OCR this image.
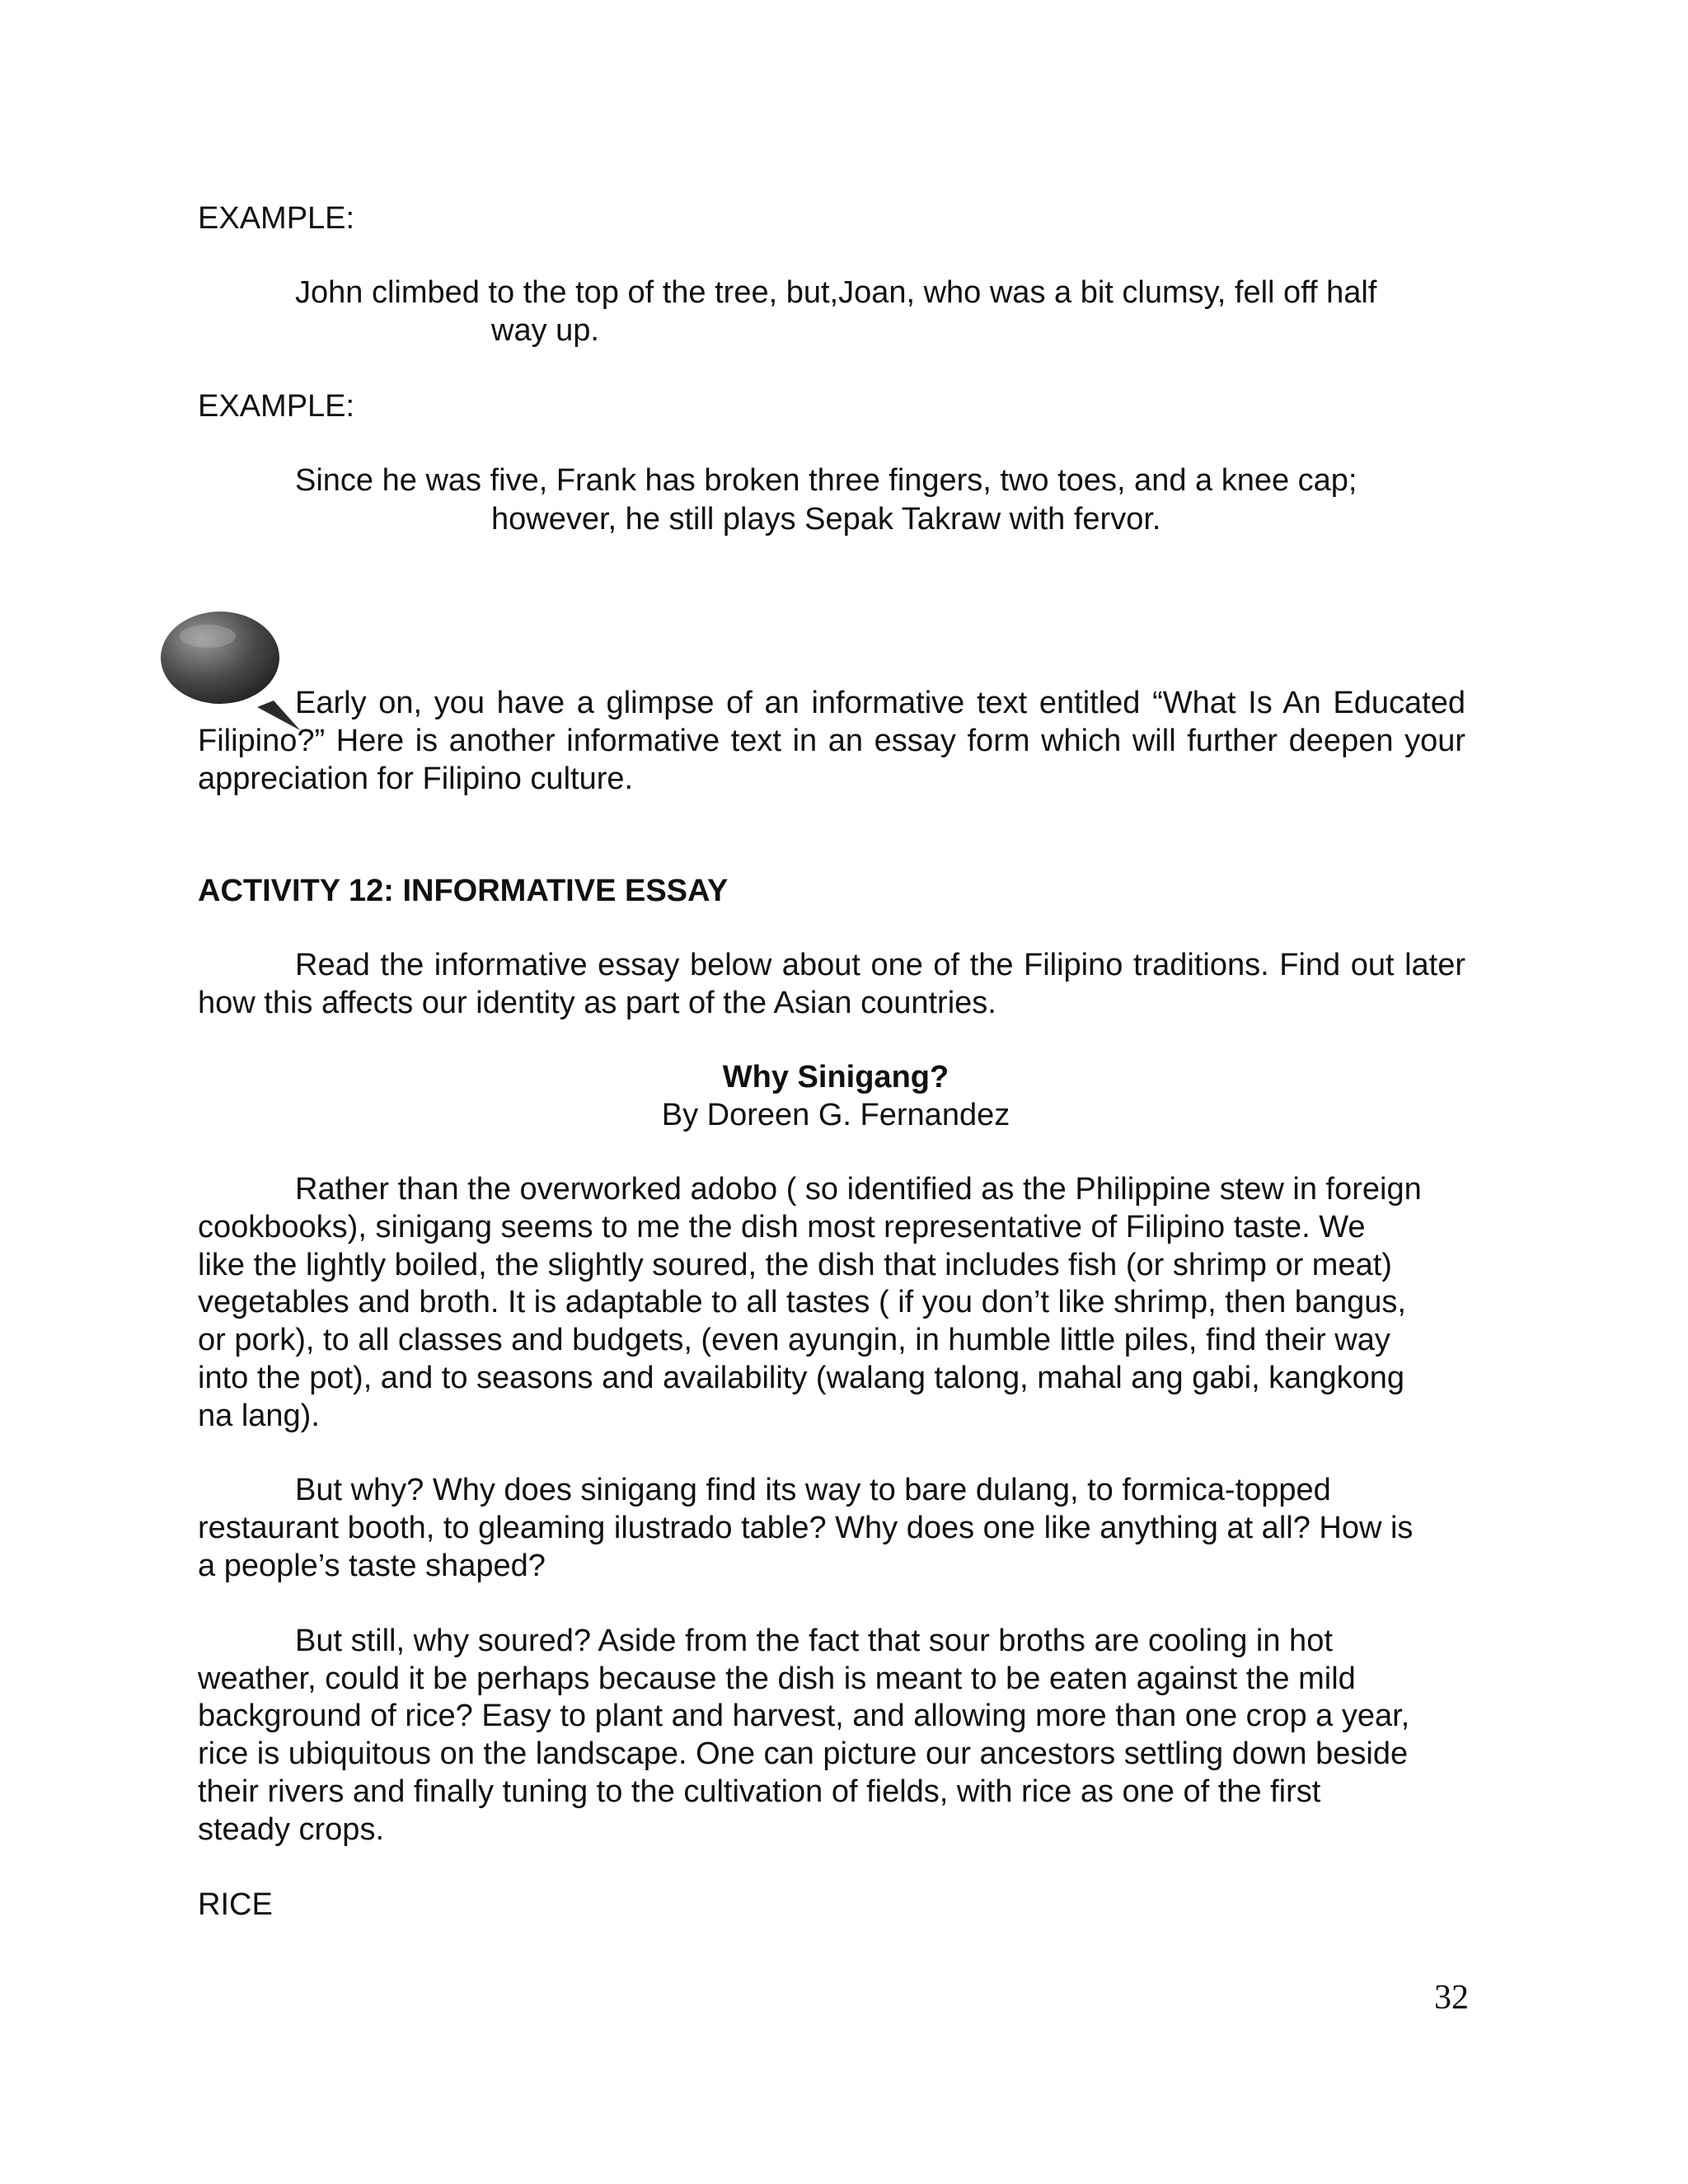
EXAMPLE:
John climbed to the top of the tree, but,Joan, who was a bit clumsy, fell off half
way up.
EXAMPLE:
Since he was five, Frank has broken three fingers, two toes, and a knee cap;
however, he still plays Sepak Takraw with fervor.
Early on, you have a glimpse of an informative text entitled “What Is An Educated Filipino?” Here is another informative text in an essay form which will further deepen your appreciation for Filipino culture.
ACTIVITY 12: INFORMATIVE ESSAY
Read the informative essay below about one of the Filipino traditions. Find out later how this affects our identity as part of the Asian countries.
Why Sinigang?
By Doreen G. Fernandez
Rather than the overworked adobo ( so identified as the Philippine stew in foreign
cookbooks), sinigang seems to me the dish most representative of Filipino taste. We
like the lightly boiled, the slightly soured, the dish that includes fish (or shrimp or meat)
vegetables and broth. It is adaptable to all tastes ( if you don’t like shrimp, then bangus,
or pork), to all classes and budgets, (even ayungin, in humble little piles, find their way
into the pot), and to seasons and availability (walang talong, mahal ang gabi, kangkong
na lang).
But why? Why does sinigang find its way to bare dulang, to formica-topped
restaurant booth, to gleaming ilustrado table? Why does one like anything at all? How is
a people’s taste shaped?
But still, why soured? Aside from the fact that sour broths are cooling in hot
weather, could it be perhaps because the dish is meant to be eaten against the mild
background of rice? Easy to plant and harvest, and allowing more than one crop a year,
rice is ubiquitous on the landscape. One can picture our ancestors settling down beside
their rivers and finally tuning to the cultivation of fields, with rice as one of the first
steady crops.
RICE
32
